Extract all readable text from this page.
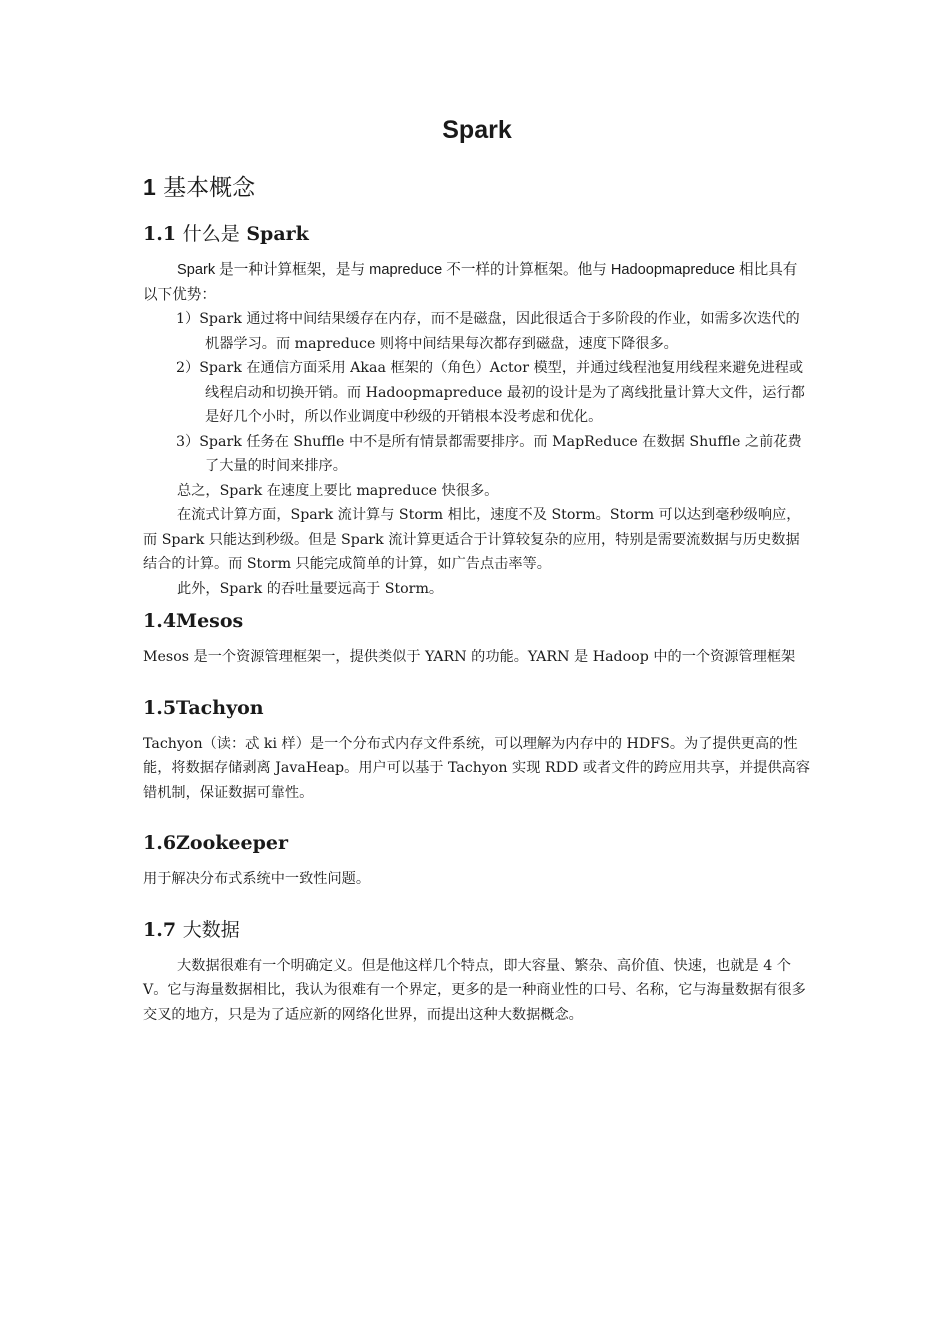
Spark
1 基本概念
1.1 什么是 Spark

Spark 是一种计算框架，是与 mapreduce 不一样的计算框架。他与 Hadoopmapreduce 相比具有以下优势：

1）Spark 通过将中间结果缓存在内存，而不是磁盘，因此很适合于多阶段的作业，如需多次迭代的机器学习。而 mapreduce 则将中间结果每次都存到磁盘，速度下降很多。

2）Spark 在通信方面采用 Akaa 框架的（角色）Actor 模型，并通过线程池复用线程来避免进程或线程启动和切换开销。而 Hadoopmapreduce 最初的设计是为了离线批量计算大文件，运行都是好几个小时，所以作业调度中秒级的开销根本没考虑和优化。

3）Spark 任务在 Shuffle 中不是所有情景都需要排序。而 MapReduce 在数据 Shuffle 之前花费了大量的时间来排序。

总之，Spark 在速度上要比 mapreduce 快很多。

在流式计算方面，Spark 流计算与 Storm 相比，速度不及 Storm。Storm 可以达到毫秒级响应，而 Spark 只能达到秒级。但是 Spark 流计算更适合于计算较复杂的应用，特别是需要流数据与历史数据结合的计算。而 Storm 只能完成简单的计算，如广告点击率等。

此外，Spark 的吞吐量要远高于 Storm。

1.4Mesos

Mesos 是一个资源管理框架一，提供类似于 YARN 的功能。YARN 是 Hadoop 中的一个资源管理框架

1.5Tachyon

Tachyon（读：忒 ki 样）是一个分布式内存文件系统，可以理解为内存中的 HDFS。为了提供更高的性能，将数据存储剥离 JavaHeap。用户可以基于 Tachyon 实现 RDD 或者文件的跨应用共享，并提供高容错机制，保证数据可靠性。

1.6Zookeeper

用于解决分布式系统中一致性问题。

1.7 大数据

大数据很难有一个明确定义。但是他这样几个特点，即大容量、繁杂、高价值、快速，也就是 4 个 V。它与海量数据相比，我认为很难有一个界定，更多的是一种商业性的口号、名称，它与海量数据有很多交叉的地方，只是为了适应新的网络化世界，而提出这种大数据概念。
